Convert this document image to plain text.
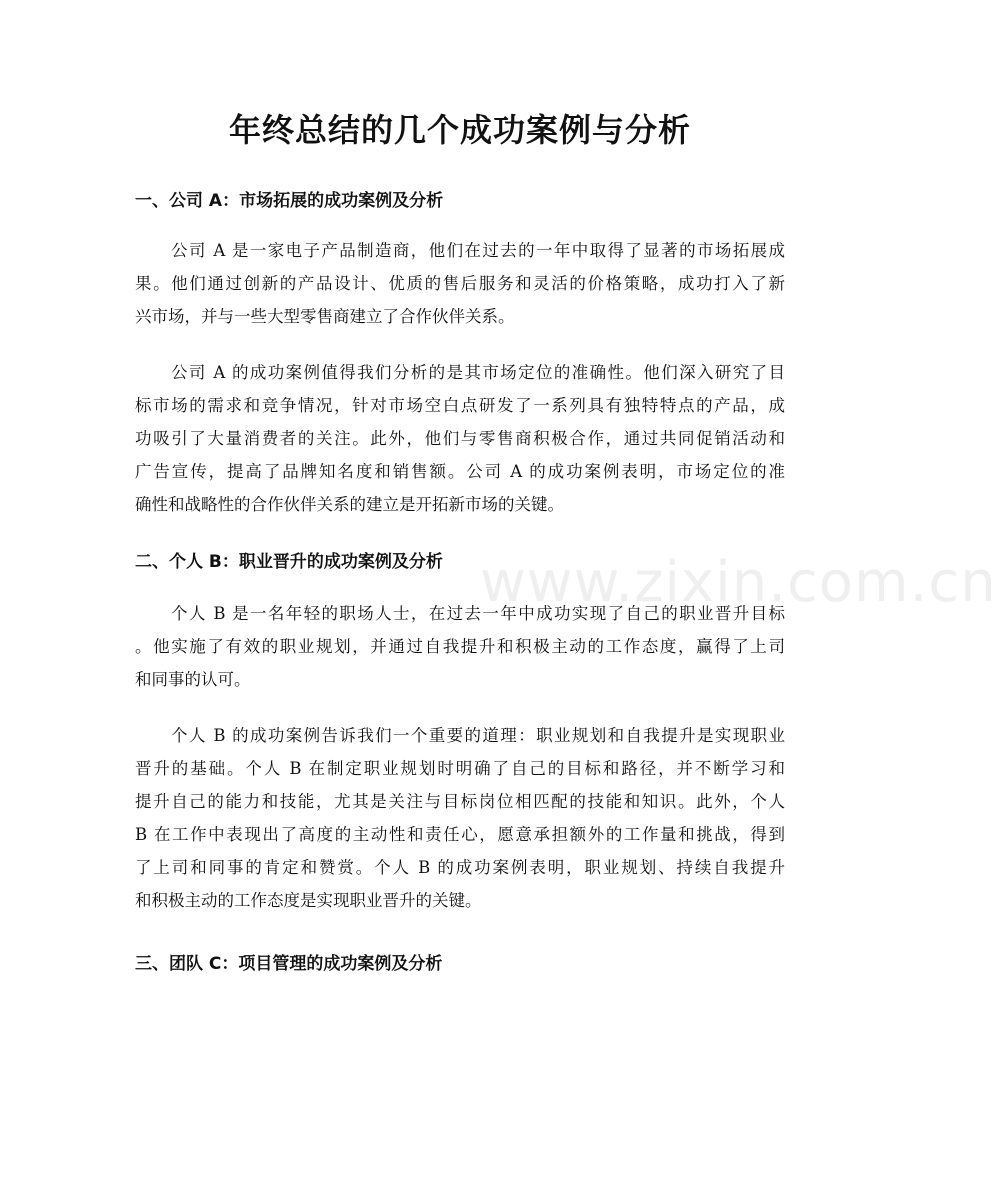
年终总结的几个成功案例与分析
www.zixin.com.cn
一、公司 A：市场拓展的成功案例及分析

公司 A 是一家电子产品制造商，他们在过去的一年中取得了显著的市场拓展成
果。他们通过创新的产品设计、优质的售后服务和灵活的价格策略，成功打入了新
兴市场，并与一些大型零售商建立了合作伙伴关系。

公司 A 的成功案例值得我们分析的是其市场定位的准确性。他们深入研究了目
标市场的需求和竞争情况，针对市场空白点研发了一系列具有独特特点的产品，成
功吸引了大量消费者的关注。此外，他们与零售商积极合作，通过共同促销活动和
广告宣传，提高了品牌知名度和销售额。公司 A 的成功案例表明，市场定位的准
确性和战略性的合作伙伴关系的建立是开拓新市场的关键。

二、个人 B：职业晋升的成功案例及分析

个人 B 是一名年轻的职场人士，在过去一年中成功实现了自己的职业晋升目标
。他实施了有效的职业规划，并通过自我提升和积极主动的工作态度，赢得了上司
和同事的认可。

个人 B 的成功案例告诉我们一个重要的道理：职业规划和自我提升是实现职业
晋升的基础。个人 B 在制定职业规划时明确了自己的目标和路径，并不断学习和
提升自己的能力和技能，尤其是关注与目标岗位相匹配的技能和知识。此外，个人
B 在工作中表现出了高度的主动性和责任心，愿意承担额外的工作量和挑战，得到
了上司和同事的肯定和赞赏。个人 B 的成功案例表明，职业规划、持续自我提升
和积极主动的工作态度是实现职业晋升的关键。

三、团队 C：项目管理的成功案例及分析
